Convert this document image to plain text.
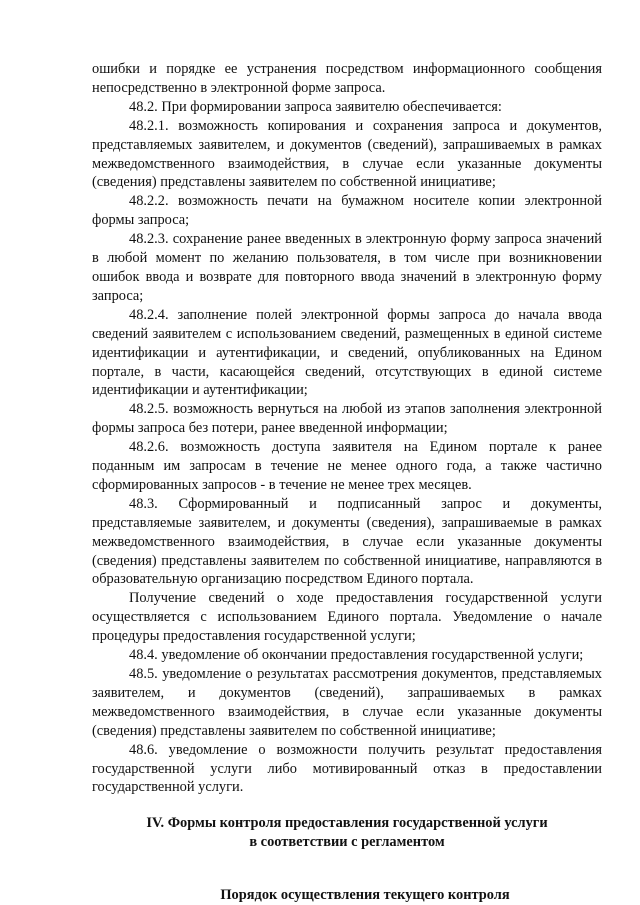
ошибки и порядке ее устранения посредством информационного сообщения непосредственно в электронной форме запроса.

48.2. При формировании запроса заявителю обеспечивается:

48.2.1. возможность копирования и сохранения запроса и документов, представляемых заявителем, и документов (сведений), запрашиваемых в рамках межведомственного взаимодействия, в случае если указанные документы (сведения) представлены заявителем по собственной инициативе;

48.2.2. возможность печати на бумажном носителе копии электронной формы запроса;

48.2.3. сохранение ранее введенных в электронную форму запроса значений в любой момент по желанию пользователя, в том числе при возникновении ошибок ввода и возврате для повторного ввода значений в электронную форму запроса;

48.2.4. заполнение полей электронной формы запроса до начала ввода сведений заявителем с использованием сведений, размещенных в единой системе идентификации и аутентификации, и сведений, опубликованных на Едином портале, в части, касающейся сведений, отсутствующих в единой системе идентификации и аутентификации;

48.2.5. возможность вернуться на любой из этапов заполнения электронной формы запроса без потери, ранее введенной информации;

48.2.6. возможность доступа заявителя на Едином портале к ранее поданным им запросам в течение не менее одного года, а также частично сформированных запросов - в течение не менее трех месяцев.

48.3. Сформированный и подписанный запрос и документы, представляемые заявителем, и документы (сведения), запрашиваемые в рамках межведомственного взаимодействия, в случае если указанные документы (сведения) представлены заявителем по собственной инициативе, направляются в образовательную организацию посредством Единого портала.

Получение сведений о ходе предоставления государственной услуги осуществляется с использованием Единого портала. Уведомление о начале процедуры предоставления государственной услуги;

48.4. уведомление об окончании предоставления государственной услуги;

48.5. уведомление о результатах рассмотрения документов, представляемых заявителем, и документов (сведений), запрашиваемых в рамках межведомственного взаимодействия, в случае если указанные документы (сведения) представлены заявителем по собственной инициативе;

48.6. уведомление о возможности получить результат предоставления государственной услуги либо мотивированный отказ в предоставлении государственной услуги.

IV. Формы контроля предоставления государственной услуги
в соответствии с регламентом
Порядок осуществления текущего контроля
